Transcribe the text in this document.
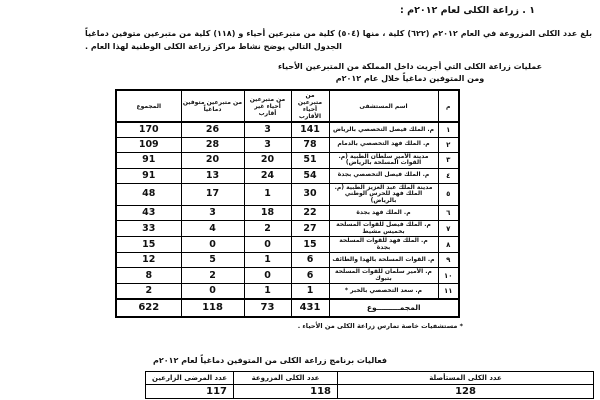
١ . زراعة الكلى لعام ٢٠١٢م :
بلغ عدد الكلى المزروعة في العام ٢٠١٢م (٦٢٢) كلية ، منها (٥٠٤) كلية من متبرعين أحياء و (١١٨) كلية من متبرعين متوفين دماغياً الجدول التالي يوضح نشاط مراكز زراعة الكلى الوطنية لهذا العام .
عمليات زراعة الكلى التي أجريت داخل المملكة من المتبرعين الأحياء
ومن المتوفين دماغياً خلال عام ٢٠١٢م
م	اسم المستشفى	من متبرعين أحياء الأقارب	من متبرعين أحياء غير أقارب	من متبرعين متوفين دماغياً	المجموع
١	م. الملك فيصل التخصصي بالرياض	141	3	26	170
٢	م. الملك فهد التخصصي بالدمام	78	3	28	109
٣	مدينة الأمير سلطان الطبية (م. القوات المسلحة بالرياض)	51	20	20	91
٤	م. الملك فيصل التخصصي بجدة	54	24	13	91
٥	مدينة الملك عبد العزيز الطبية (م. الملك فهد للحرس الوطني بالرياض)	30	1	17	48
٦	م. الملك فهد بجدة	22	18	3	43
٧	م. الملك فيصل للقوات المسلحة بخميس مشيط	27	2	4	33
٨	م. الملك فهد للقوات المسلحة بجدة	15	0	0	15
٩	م. القوات المسلحة بالهدا والطائف	6	1	5	12
١٠	م. الأمير سلمان للقوات المسلحة بتبوك	6	0	2	8
١١	م. سعد التخصصي بالخبر *	1	1	0	2
المجمـــــــــوع		431	73	118	622
* مستشفيات خاصة تمارس زراعة الكلى من الأحياء .
فعاليات برنامج زراعة الكلى من المتوفين دماغياً لعام ٢٠١٢م
عدد الكلى المستأصلة	عدد الكلى المزروعة	عدد المرضى الزارعين
128	118	117
